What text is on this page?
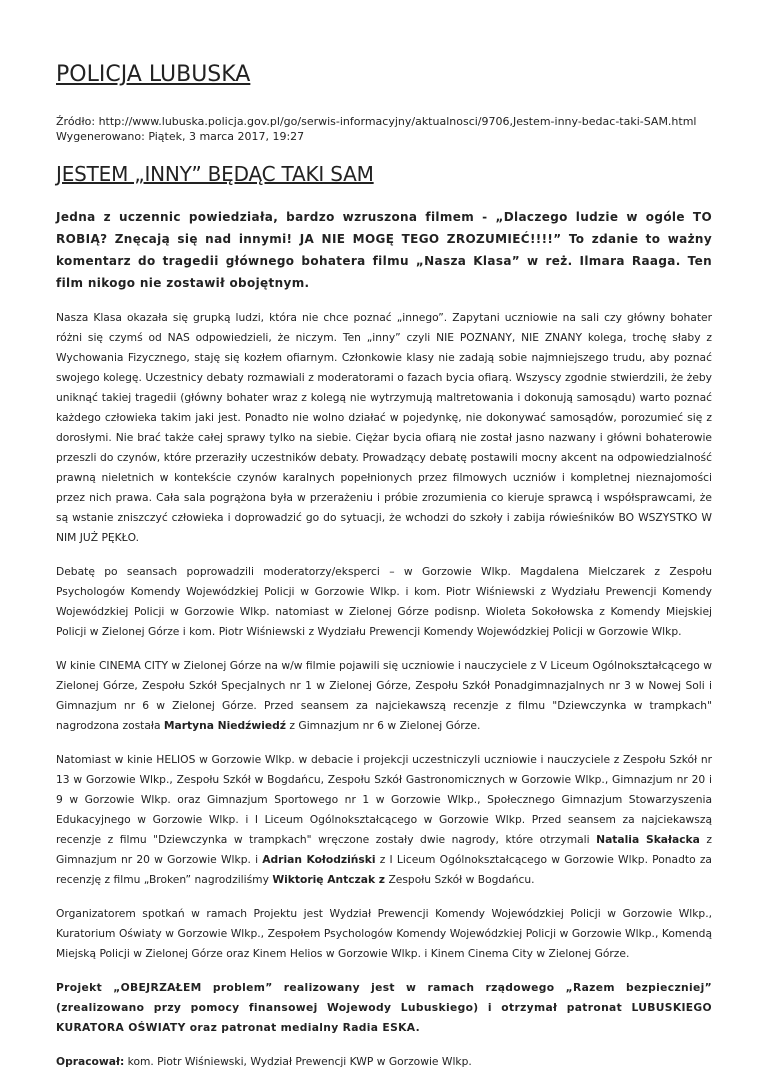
POLICJA LUBUSKA
Źródło: http://www.lubuska.policja.gov.pl/go/serwis-informacyjny/aktualnosci/9706,Jestem-inny-bedac-taki-SAM.html
Wygenerowano: Piątek, 3 marca 2017, 19:27
JESTEM „INNY” BĘDĄC TAKI SAM

Jedna z uczennic powiedziała, bardzo wzruszona filmem - „Dlaczego ludzie w ogóle TO ROBIĄ? Znęcają się nad innymi! JA NIE MOGĘ TEGO ZROZUMIEĆ!!!!” To zdanie to ważny komentarz do tragedii głównego bohatera filmu „Nasza Klasa” w reż. Ilmara Raaga. Ten film nikogo nie zostawił obojętnym.

Nasza Klasa okazała się grupką ludzi, która nie chce poznać „innego”. Zapytani uczniowie na sali czy główny bohater różni się czymś od NAS odpowiedzieli, że niczym. Ten „inny” czyli NIE POZNANY, NIE ZNANY kolega, trochę słaby z Wychowania Fizycznego, staję się kozłem ofiarnym. Członkowie klasy nie zadają sobie najmniejszego trudu, aby poznać swojego kolegę. Uczestnicy debaty rozmawiali z moderatorami o fazach bycia ofiarą. Wszyscy zgodnie stwierdzili, że żeby uniknąć takiej tragedii (główny bohater wraz z kolegą nie wytrzymują maltretowania i dokonują samosądu) warto poznać każdego człowieka takim jaki jest. Ponadto nie wolno działać w pojedynkę, nie dokonywać samosądów, porozumieć się z dorosłymi. Nie brać także całej sprawy tylko na siebie. Ciężar bycia ofiarą nie został jasno nazwany i główni bohaterowie przeszli do czynów, które przeraziły uczestników debaty. Prowadzący debatę postawili mocny akcent na odpowiedzialność prawną nieletnich w kontekście czynów karalnych popełnionych przez filmowych uczniów i kompletnej nieznajomości przez nich prawa. Cała sala pogrążona była w przerażeniu i próbie zrozumienia co kieruje sprawcą i współsprawcami, że są wstanie zniszczyć człowieka i doprowadzić go do sytuacji, że wchodzi do szkoły i zabija rówieśników BO WSZYSTKO W NIM JUŻ PĘKŁO.

Debatę po seansach poprowadzili moderatorzy/eksperci – w Gorzowie Wlkp. Magdalena Mielczarek z Zespołu Psychologów Komendy Wojewódzkiej Policji w Gorzowie Wlkp. i kom. Piotr Wiśniewski z Wydziału Prewencji Komendy Wojewódzkiej Policji w Gorzowie Wlkp. natomiast w Zielonej Górze podisnp. Wioleta Sokołowska z Komendy Miejskiej Policji w Zielonej Górze i kom. Piotr Wiśniewski z Wydziału Prewencji Komendy Wojewódzkiej Policji w Gorzowie Wlkp.

W kinie CINEMA CITY w Zielonej Górze na w/w filmie pojawili się uczniowie i nauczyciele z V Liceum Ogólnokształcącego w Zielonej Górze, Zespołu Szkół Specjalnych nr 1 w Zielonej Górze, Zespołu Szkół Ponadgimnazjalnych nr 3 w Nowej Soli i Gimnazjum nr 6 w Zielonej Górze. Przed seansem za najciekawszą recenzje z filmu "Dziewczynka w trampkach" nagrodzona została Martyna Niedźwiedź z Gimnazjum nr 6 w Zielonej Górze.

Natomiast w kinie HELIOS w Gorzowie Wlkp. w debacie i projekcji uczestniczyli uczniowie i nauczyciele z Zespołu Szkół nr 13 w Gorzowie Wlkp., Zespołu Szkół w Bogdańcu, Zespołu Szkół Gastronomicznych w Gorzowie Wlkp., Gimnazjum nr 20 i 9 w Gorzowie Wlkp. oraz Gimnazjum Sportowego nr 1 w Gorzowie Wlkp., Społecznego Gimnazjum Stowarzyszenia Edukacyjnego w Gorzowie Wlkp. i I Liceum Ogólnokształcącego w Gorzowie Wlkp. Przed seansem za najciekawszą recenzje z filmu "Dziewczynka w trampkach" wręczone zostały dwie nagrody, które otrzymali Natalia Skałacka z Gimnazjum nr 20 w Gorzowie Wlkp. i Adrian Kołodziński z I Liceum Ogólnokształcącego w Gorzowie Wlkp. Ponadto za recenzję z filmu „Broken” nagrodziliśmy Wiktorię Antczak z Zespołu Szkół w Bogdańcu.

Organizatorem spotkań w ramach Projektu jest Wydział Prewencji Komendy Wojewódzkiej Policji w Gorzowie Wlkp., Kuratorium Oświaty w Gorzowie Wlkp., Zespołem Psychologów Komendy Wojewódzkiej Policji w Gorzowie Wlkp., Komendą Miejską Policji w Zielonej Górze oraz Kinem Helios w Gorzowie Wlkp. i Kinem Cinema City w Zielonej Górze.

Projekt „OBEJRZAŁEM problem” realizowany jest w ramach rządowego „Razem bezpieczniej” (zrealizowano przy pomocy finansowej Wojewody Lubuskiego) i otrzymał patronat LUBUSKIEGO KURATORA OŚWIATY oraz patronat medialny Radia ESKA.

Opracował: kom. Piotr Wiśniewski, Wydział Prewencji KWP w Gorzowie Wlkp.
